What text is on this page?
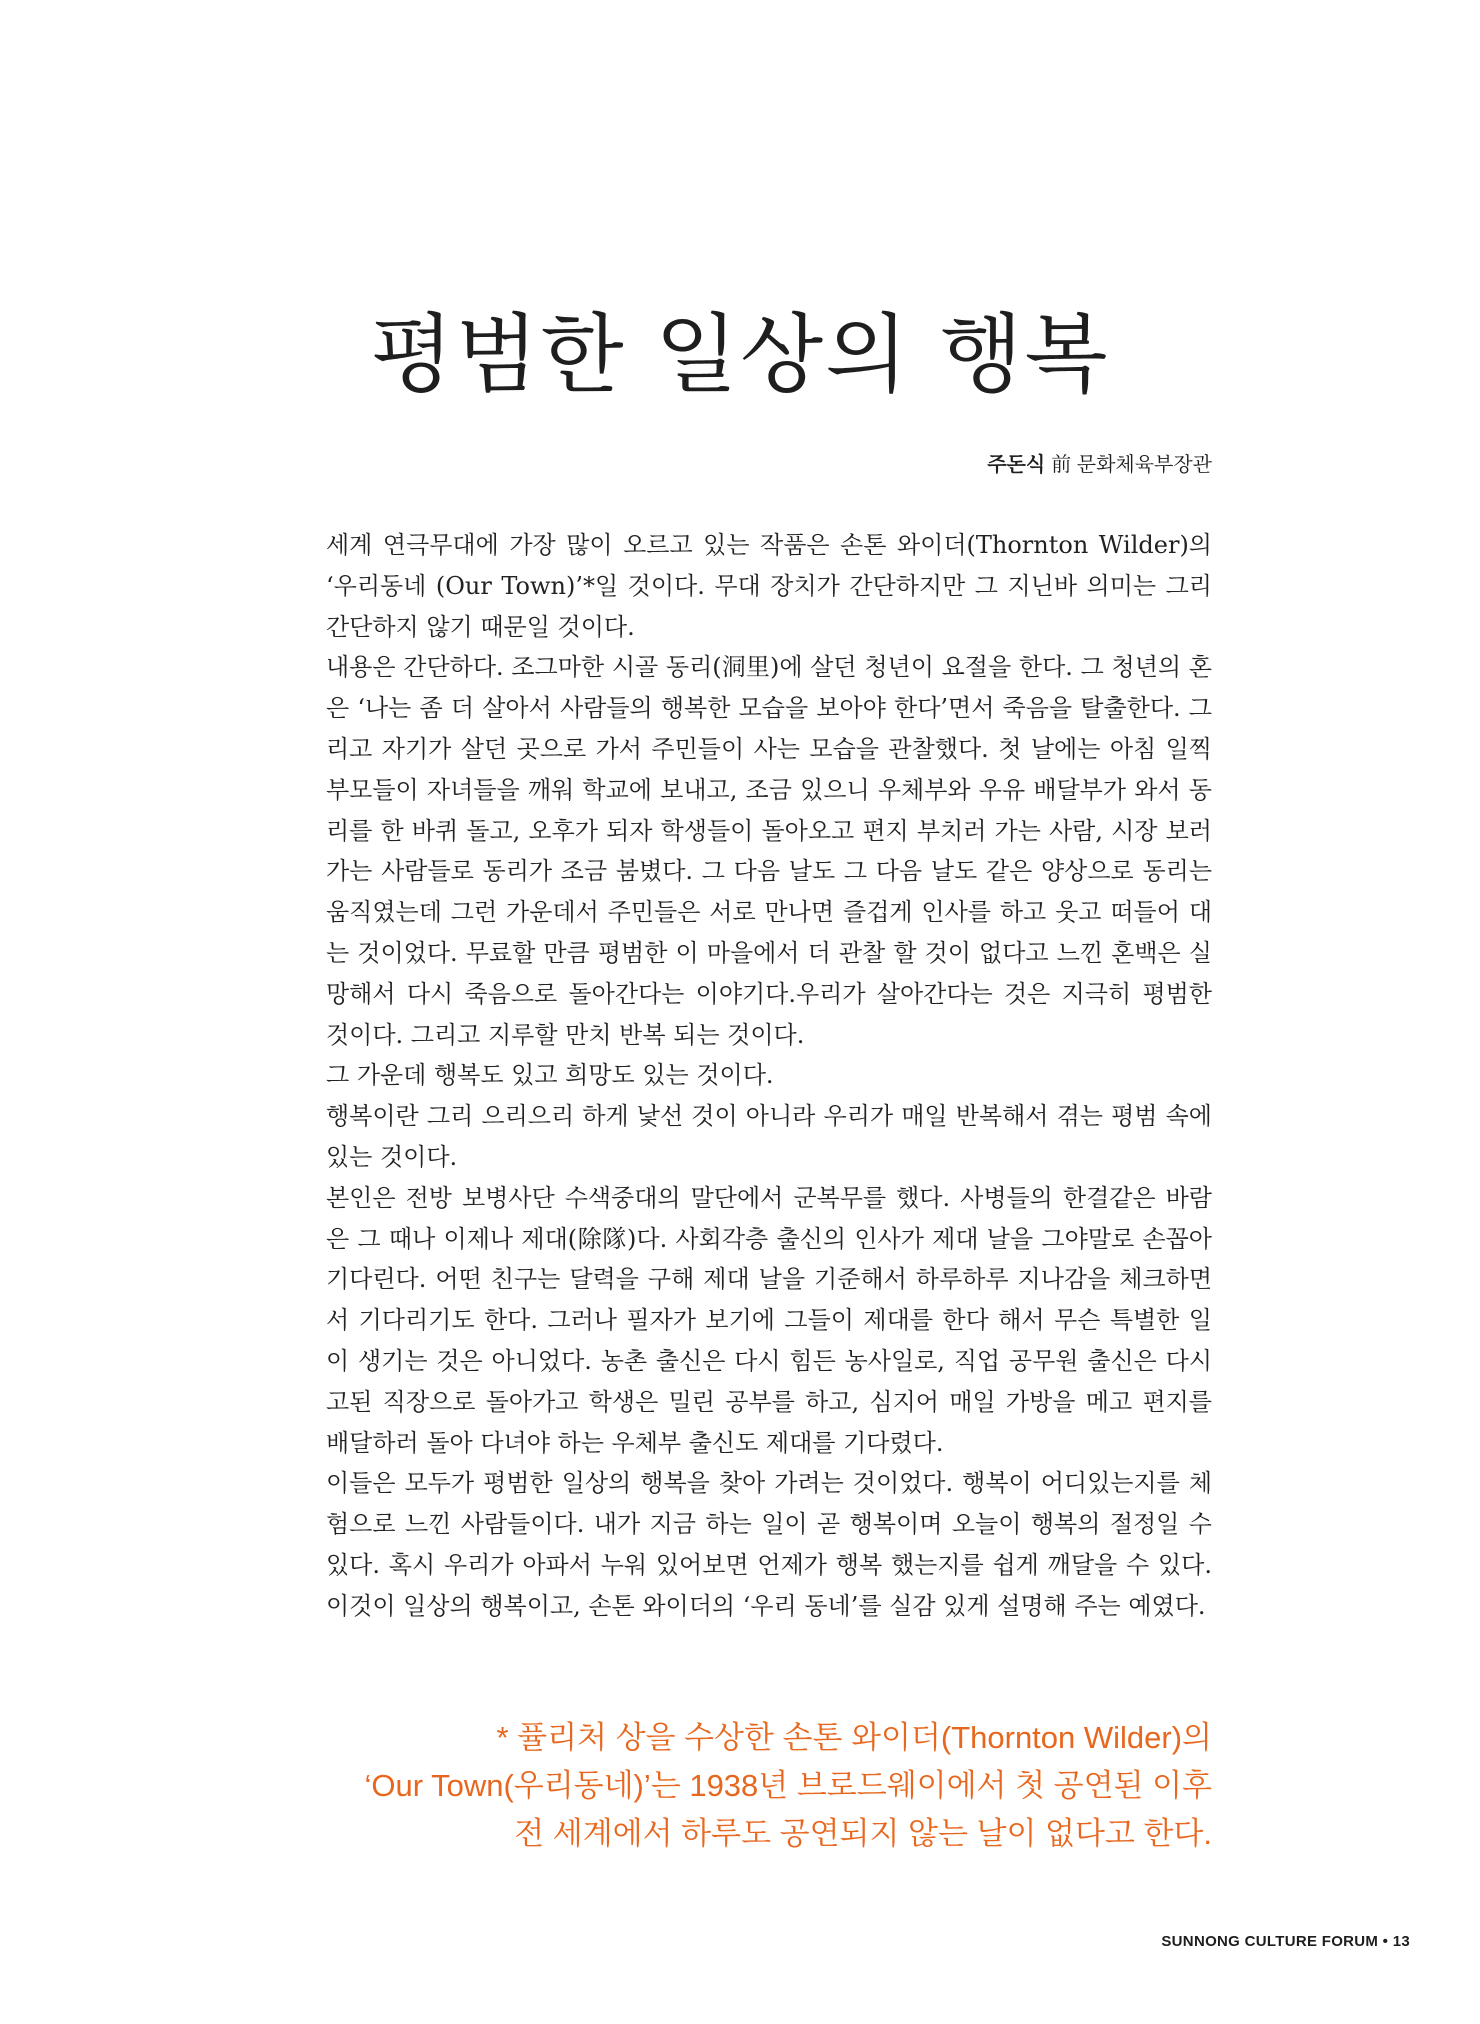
평범한 일상의 행복
주돈식 前 문화체육부장관

세계 연극무대에 가장 많이 오르고 있는 작품은 손톤 와이더(Thornton Wilder)의 ‘우리동네 (Our Town)’*일 것이다. 무대 장치가 간단하지만 그 지닌바 의미는 그리 간단하지 않기 때문일 것이다.

내용은 간단하다. 조그마한 시골 동리(洞里)에 살던 청년이 요절을 한다. 그 청년의 혼은 ‘나는 좀 더 살아서 사람들의 행복한 모습을 보아야 한다’면서 죽음을 탈출한다. 그리고 자기가 살던 곳으로 가서 주민들이 사는 모습을 관찰했다. 첫 날에는 아침 일찍 부모들이 자녀들을 깨워 학교에 보내고, 조금 있으니 우체부와 우유 배달부가 와서 동리를 한 바퀴 돌고, 오후가 되자 학생들이 돌아오고 편지 부치러 가는 사람, 시장 보러가는 사람들로 동리가 조금 붐볐다. 그 다음 날도 그 다음 날도 같은 양상으로 동리는 움직였는데 그런 가운데서 주민들은 서로 만나면 즐겁게 인사를 하고 웃고 떠들어 대는 것이었다. 무료할 만큼 평범한 이 마을에서 더 관찰 할 것이 없다고 느낀 혼백은 실망해서 다시 죽음으로 돌아간다는 이야기다.우리가 살아간다는 것은 지극히 평범한 것이다. 그리고 지루할 만치 반복 되는 것이다.

그 가운데 행복도 있고 희망도 있는 것이다.

행복이란 그리 으리으리 하게 낯선 것이 아니라 우리가 매일 반복해서 겪는 평범 속에 있는 것이다.

본인은 전방 보병사단 수색중대의 말단에서 군복무를 했다. 사병들의 한결같은 바람은 그 때나 이제나 제대(除隊)다. 사회각층 출신의 인사가 제대 날을 그야말로 손꼽아 기다린다. 어떤 친구는 달력을 구해 제대 날을 기준해서 하루하루 지나감을 체크하면서 기다리기도 한다. 그러나 필자가 보기에 그들이 제대를 한다 해서 무슨 특별한 일이 생기는 것은 아니었다. 농촌 출신은 다시 힘든 농사일로, 직업 공무원 출신은 다시 고된 직장으로 돌아가고 학생은 밀린 공부를 하고, 심지어 매일 가방을 메고 편지를 배달하러 돌아 다녀야 하는 우체부 출신도 제대를 기다렸다.

이들은 모두가 평범한 일상의 행복을 찾아 가려는 것이었다. 행복이 어디있는지를 체험으로 느낀 사람들이다. 내가 지금 하는 일이 곧 행복이며 오늘이 행복의 절정일 수 있다. 혹시 우리가 아파서 누워 있어보면 언제가 행복 했는지를 쉽게 깨달을 수 있다. 이것이 일상의 행복이고, 손톤 와이더의 ‘우리 동네’를 실감 있게 설명해 주는 예였다.

* 퓰리처 상을 수상한 손톤 와이더(Thornton Wilder)의

‘Our Town(우리동네)’는 1938년 브로드웨이에서 첫 공연된 이후

전 세계에서 하루도 공연되지 않는 날이 없다고 한다.

SUNNONG CULTURE FORUM • 13
